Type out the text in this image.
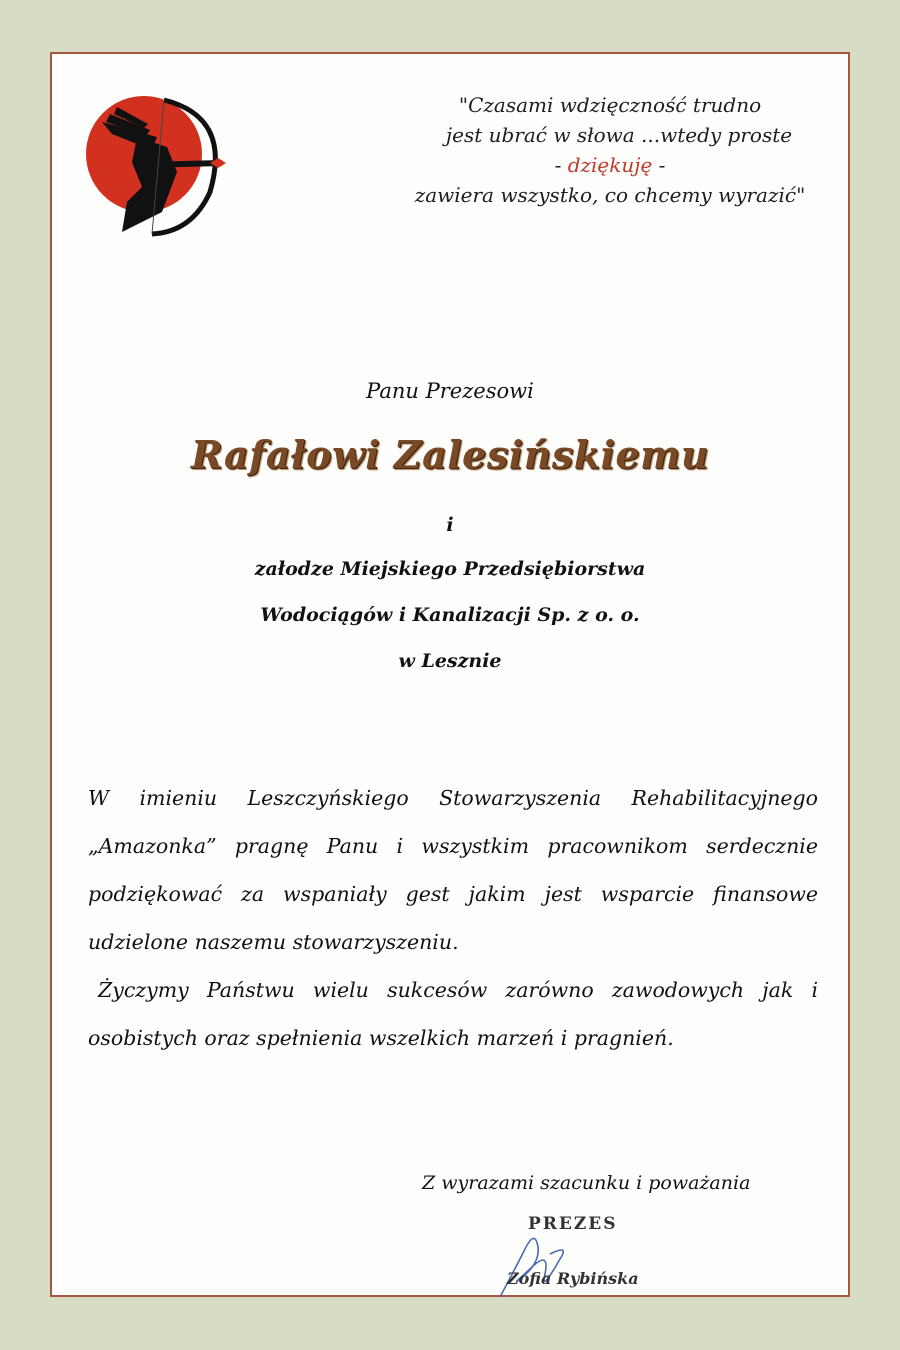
"Czasami wdzięczność trudno
jest ubrać w słowa ...wtedy proste
- dziękuję -
zawiera wszystko, co chcemy wyrazić"
Panu Prezesowi
Rafałowi Zalesińskiemu
i
załodze Miejskiego Przedsiębiorstwa
Wodociągów i Kanalizacji Sp. z o. o.
w Lesznie

W imieniu Leszczyńskiego Stowarzyszenia Rehabilitacyjnego „Amazonka” pragnę Panu i wszystkim pracownikom serdecznie podziękować za wspaniały gest jakim jest wsparcie finansowe udzielone naszemu stowarzyszeniu.

Życzymy Państwu wielu sukcesów zarówno zawodowych jak i osobistych oraz spełnienia wszelkich marzeń i pragnień.

Z wyrazami szacunku i poważania
PREZES
Zofia Rybińska
